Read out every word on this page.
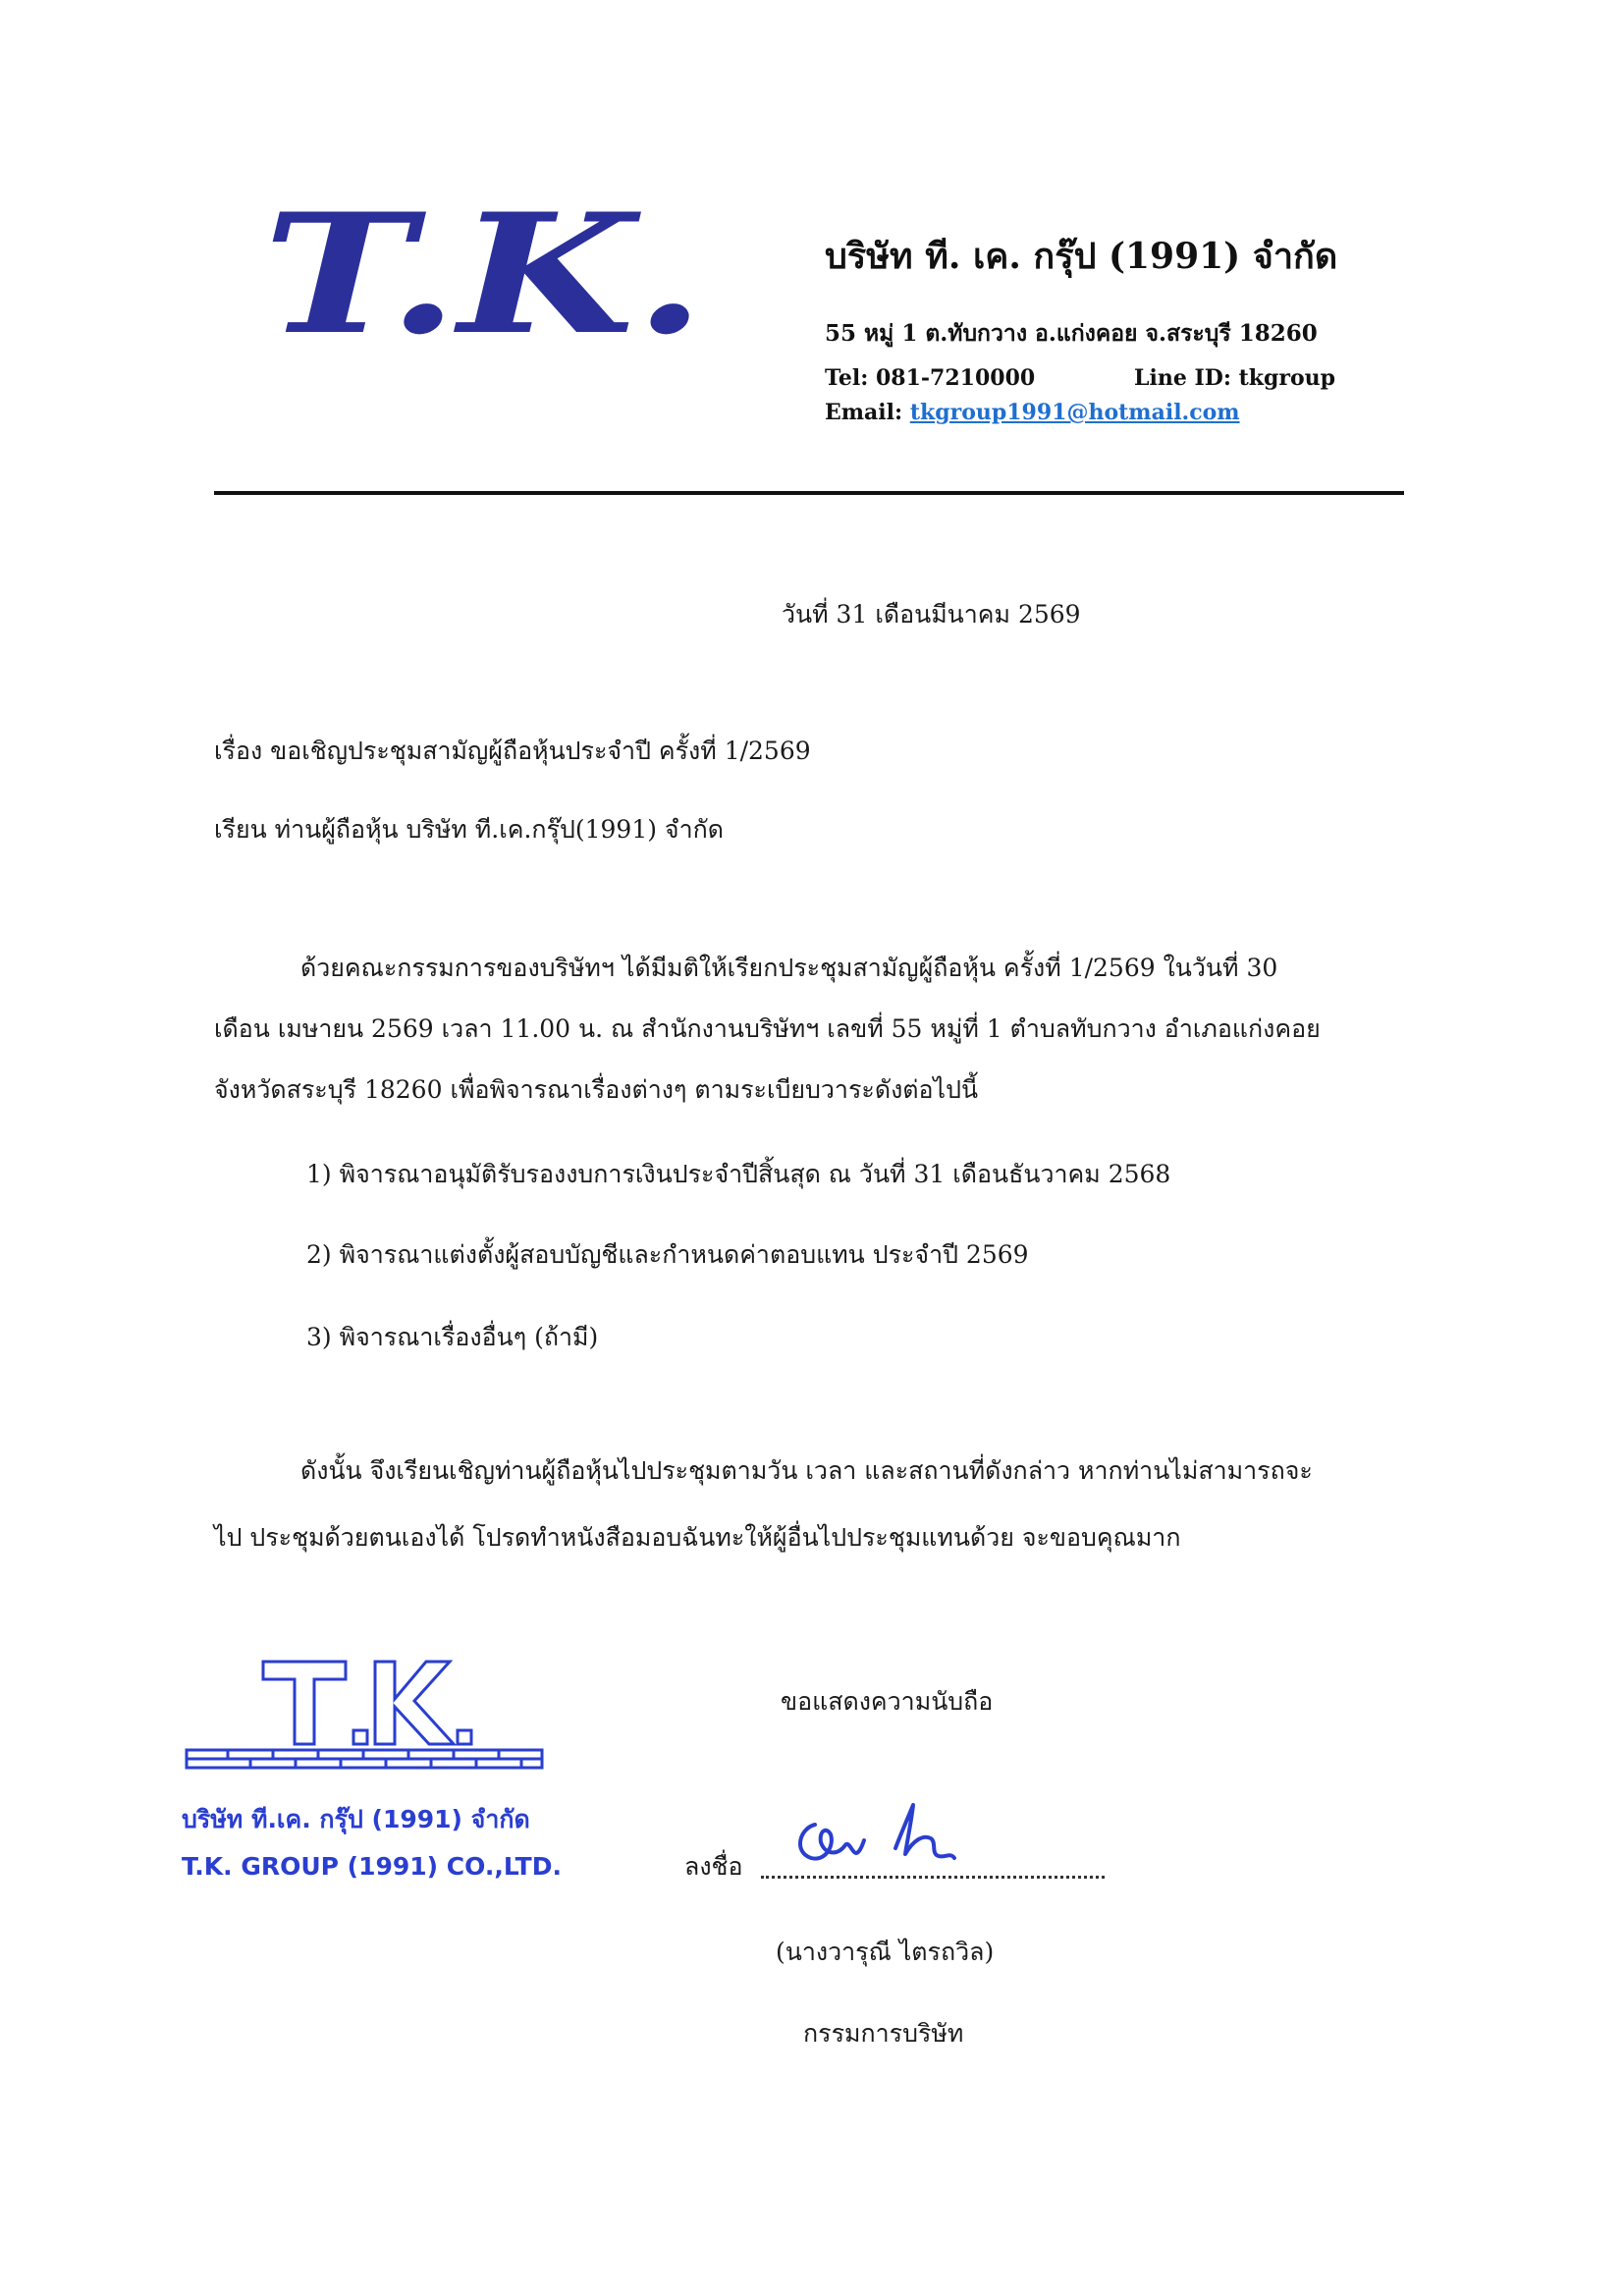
T.K.	บริษัท ที. เค. กรุ๊ป (1991) จำกัด
55 หมู่ 1 ต.ทับกวาง อ.แก่งคอย จ.สระบุรี 18260
Tel: 081-7210000	Line ID: tkgroup
Email: tkgroup1991@hotmail.com
วันที่ 31 เดือนมีนาคม 2569
เรื่อง ขอเชิญประชุมสามัญผู้ถือหุ้นประจำปี ครั้งที่ 1/2569
เรียน ท่านผู้ถือหุ้น บริษัท ที.เค.กรุ๊ป(1991) จำกัด
ด้วยคณะกรรมการของบริษัทฯ ได้มีมติให้เรียกประชุมสามัญผู้ถือหุ้น ครั้งที่ 1/2569 ในวันที่ 30
เดือน เมษายน 2569 เวลา 11.00 น. ณ สำนักงานบริษัทฯ เลขที่ 55 หมู่ที่ 1 ตำบลทับกวาง อำเภอแก่งคอย
จังหวัดสระบุรี 18260 เพื่อพิจารณาเรื่องต่างๆ ตามระเบียบวาระดังต่อไปนี้
1) พิจารณาอนุมัติรับรองงบการเงินประจำปีสิ้นสุด ณ วันที่ 31 เดือนธันวาคม 2568
2) พิจารณาแต่งตั้งผู้สอบบัญชีและกำหนดค่าตอบแทน ประจำปี 2569
3) พิจารณาเรื่องอื่นๆ (ถ้ามี)
ดังนั้น จึงเรียนเชิญท่านผู้ถือหุ้นไปประชุมตามวัน เวลา และสถานที่ดังกล่าว หากท่านไม่สามารถจะ
ไป ประชุมด้วยตนเองได้ โปรดทำหนังสือมอบฉันทะให้ผู้อื่นไปประชุมแทนด้วย จะขอบคุณมาก
ขอแสดงความนับถือ
บริษัท ที.เค. กรุ๊ป (1991) จำกัด
T.K. GROUP (1991) CO.,LTD.	ลงชื่อ
(นางวารุณี ไตรถวิล)
กรรมการบริษัท
